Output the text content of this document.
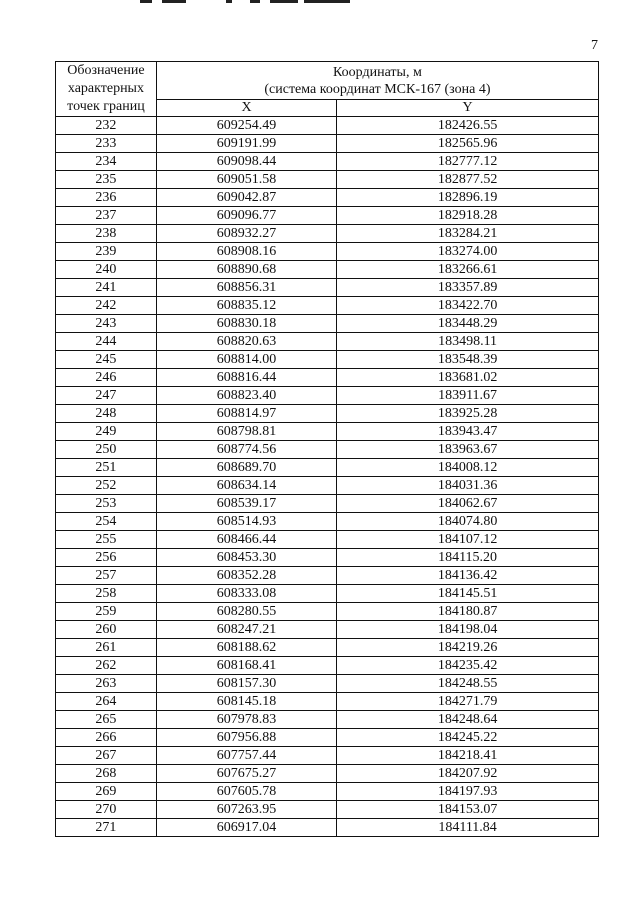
7
Обозначение характерных точек границ	Координаты, м
(система координат МСК-167 (зона 4)	

	X	Y
232	609254.49	182426.55
233	609191.99	182565.96
234	609098.44	182777.12
235	609051.58	182877.52
236	609042.87	182896.19
237	609096.77	182918.28
238	608932.27	183284.21
239	608908.16	183274.00
240	608890.68	183266.61
241	608856.31	183357.89
242	608835.12	183422.70
243	608830.18	183448.29
244	608820.63	183498.11
245	608814.00	183548.39
246	608816.44	183681.02
247	608823.40	183911.67
248	608814.97	183925.28
249	608798.81	183943.47
250	608774.56	183963.67
251	608689.70	184008.12
252	608634.14	184031.36
253	608539.17	184062.67
254	608514.93	184074.80
255	608466.44	184107.12
256	608453.30	184115.20
257	608352.28	184136.42
258	608333.08	184145.51
259	608280.55	184180.87
260	608247.21	184198.04
261	608188.62	184219.26
262	608168.41	184235.42
263	608157.30	184248.55
264	608145.18	184271.79
265	607978.83	184248.64
266	607956.88	184245.22
267	607757.44	184218.41
268	607675.27	184207.92
269	607605.78	184197.93
270	607263.95	184153.07
271	606917.04	184111.84
